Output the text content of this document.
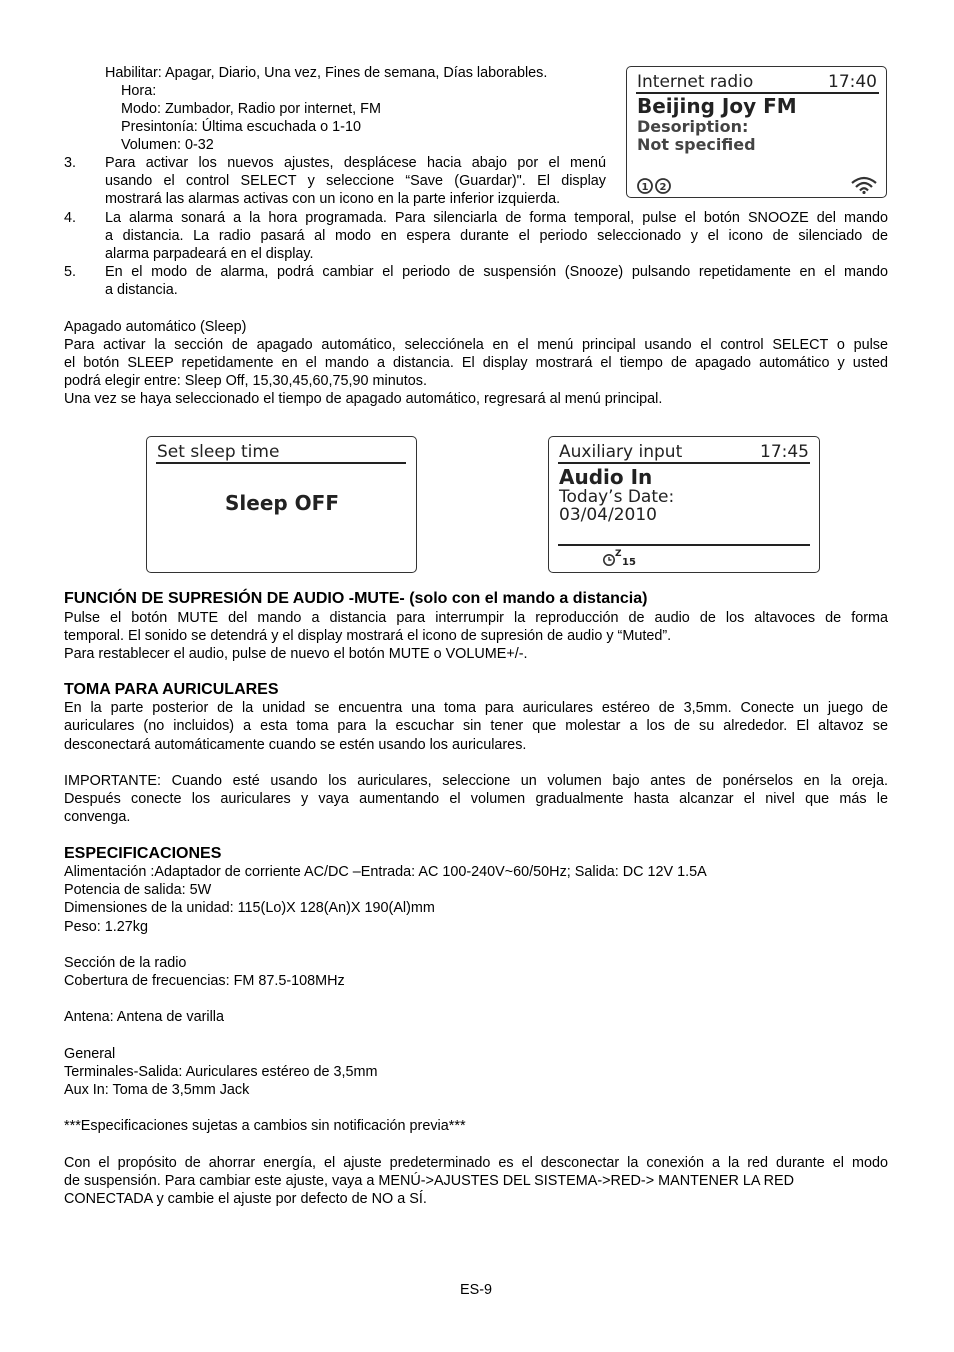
Habilitar: Apagar, Diario, Una vez, Fines de semana, Días laborables.
Hora:
Modo: Zumbador, Radio por internet, FM
Presintonía: Última escuchada o 1-10
Volumen: 0-32
3. Para activar los nuevos ajustes, desplácese hacia abajo por el menú
usando el control SELECT y seleccione “Save (Guardar)". El display
mostrará las alarmas activas con un icono en la parte inferior izquierda.
Internet radio	17:40
Beijing Joy FM
Desoription:
Not specified
1 2
4. La alarma sonará a la hora programada. Para silenciarla de forma temporal, pulse el botón SNOOZE del mando
a distancia. La radio pasará al modo en espera durante el periodo seleccionado y el icono de silenciado de
alarma parpadeará en el display.
5. En el modo de alarma, podrá cambiar el periodo de suspensión (Snooze) pulsando repetidamente en el mando
a distancia.
Apagado automático (Sleep)
Para activar la sección de apagado automático, selecciónela en el menú principal usando el control SELECT o pulse
el botón SLEEP repetidamente en el mando a distancia. El display mostrará el tiempo de apagado automático y usted
podrá elegir entre: Sleep Off, 15,30,45,60,75,90 minutos.
Una vez se haya seleccionado el tiempo de apagado automático, regresará al menú principal.
Set sleep time
Sleep OFF
Auxiliary input	17:45
Audio In
Today’s Date:
03/04/2010
Z
15
FUNCIÓN DE SUPRESIÓN DE AUDIO -MUTE- (solo con el mando a distancia)
Pulse el botón MUTE del mando a distancia para interrumpir la reproducción de audio de los altavoces de forma
temporal. El sonido se detendrá y el display mostrará el icono de supresión de audio y “Muted”.
Para restablecer el audio, pulse de nuevo el botón MUTE o VOLUME+/-.
TOMA PARA AURICULARES
En la parte posterior de la unidad se encuentra una toma para auriculares estéreo de 3,5mm. Conecte un juego de
auriculares (no incluidos) a esta toma para la escuchar sin tener que molestar a los de su alrededor. El altavoz se
desconectará automáticamente cuando se estén usando los auriculares.
IMPORTANTE: Cuando esté usando los auriculares, seleccione un volumen bajo antes de ponérselos en la oreja.
Después conecte los auriculares y vaya aumentando el volumen gradualmente hasta alcanzar el nivel que más le
convenga.
ESPECIFICACIONES
Alimentación :Adaptador de corriente AC/DC –Entrada: AC 100-240V~60/50Hz; Salida: DC 12V 1.5A
Potencia de salida: 5W
Dimensiones de la unidad: 115(Lo)X 128(An)X 190(Al)mm
Peso: 1.27kg
Sección de la radio
Cobertura de frecuencias: FM 87.5-108MHz
Antena: Antena de varilla
General
Terminales-Salida: Auriculares estéreo de 3,5mm
Aux In: Toma de 3,5mm Jack
***Especificaciones sujetas a cambios sin notificación previa***
Con el propósito de ahorrar energía, el ajuste predeterminado es el desconectar la conexión a la red durante el modo
de suspensión. Para cambiar este ajuste, vaya a MENÚ->AJUSTES DEL SISTEMA->RED-> MANTENER LA RED
CONECTADA y cambie el ajuste por defecto de NO a SÍ.
ES-9
